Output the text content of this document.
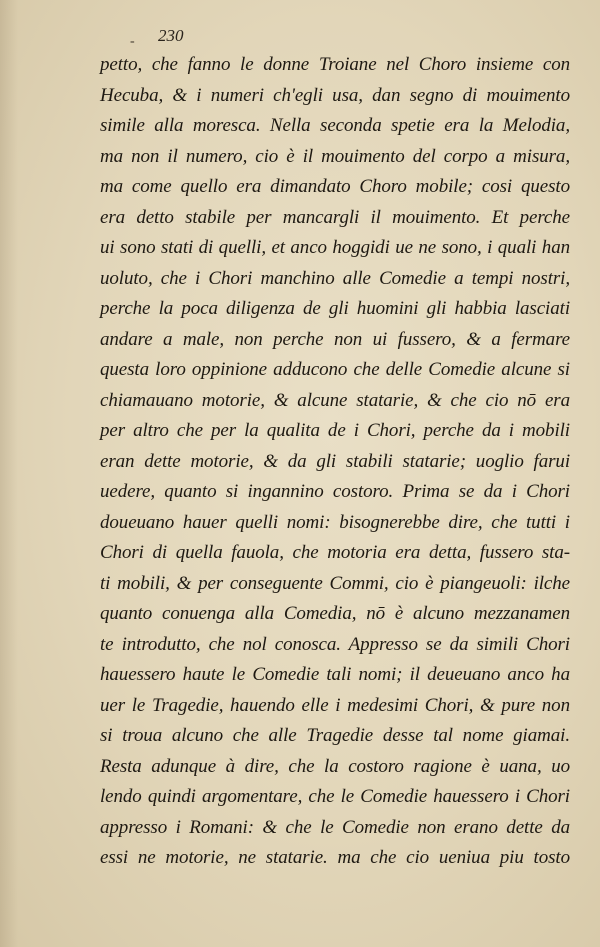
- 230
petto, che fanno le donne Troiane nel Choro insieme con
Hecuba, & i numeri ch'egli usa, dan segno di mouimento
simile alla moresca. Nella seconda spetie era la Melodia,
ma non il numero, cio è il mouimento del corpo a misura,
ma come quello era dimandato Choro mobile; cosi questo
era detto stabile per mancargli il mouimento. Et perche
ui sono stati di quelli, et anco hoggidi ue ne sono, i quali han
uoluto, che i Chori manchino alle Comedie a tempi nostri,
perche la poca diligenza de gli huomini gli habbia lasciati
andare a male, non perche non ui fussero, & a fermare
questa loro oppinione adducono che delle Comedie alcune si
chiamauano motorie, & alcune statarie, & che cio nō era
per altro che per la qualita de i Chori, perche da i mobili
eran dette motorie, & da gli stabili statarie; uoglio farui
uedere, quanto si ingannino costoro. Prima se da i Chori
doueuano hauer quelli nomi: bisognerebbe dire, che tutti i
Chori di quella fauola, che motoria era detta, fussero sta-
ti mobili, & per conseguente Commi, cio è piangeuoli: ilche
quanto conuenga alla Comedia, nō è alcuno mezzanamen
te introdutto, che nol conosca. Appresso se da simili Chori
hauessero haute le Comedie tali nomi; il deueuano anco ha
uer le Tragedie, hauendo elle i medesimi Chori, & pure non
si troua alcuno che alle Tragedie desse tal nome giamai.
Resta adunque à dire, che la costoro ragione è uana, uo
lendo quindi argomentare, che le Comedie hauessero i Chori
appresso i Romani: & che le Comedie non erano dette da
essi ne motorie, ne statarie. ma che cio ueniua piu tosto
